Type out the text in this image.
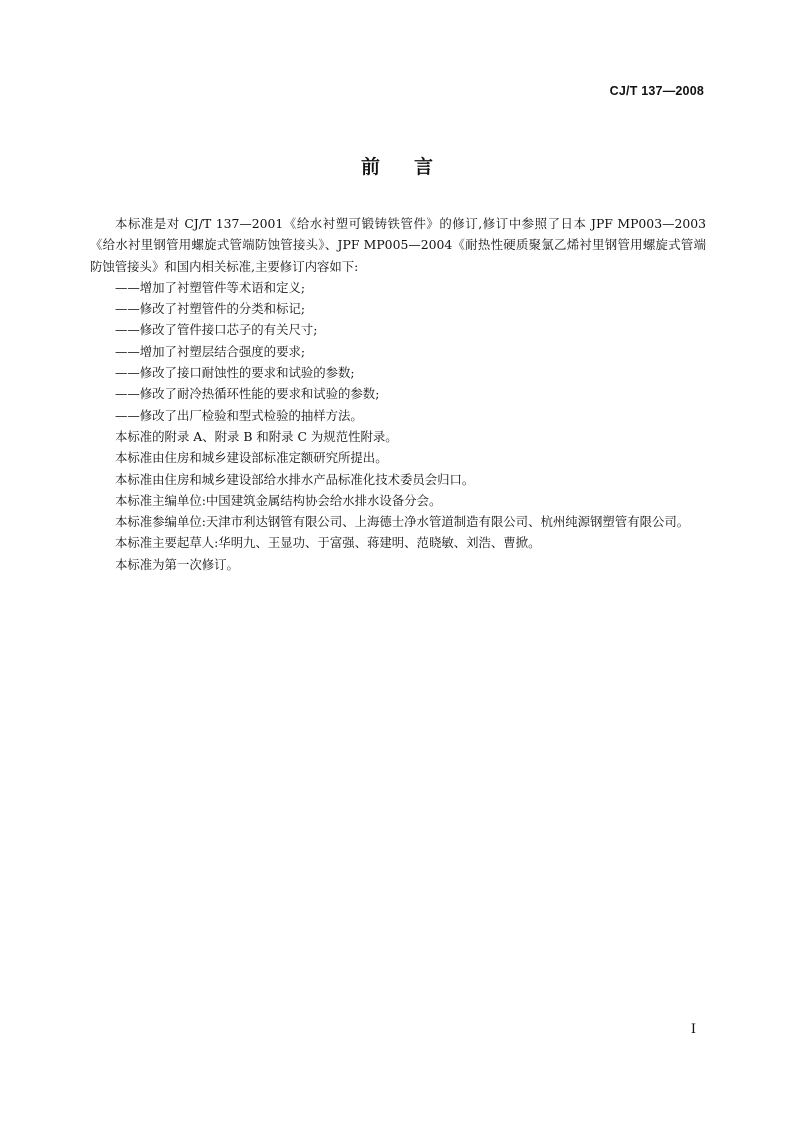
CJ/T 137—2008
前言

本标准是对 CJ/T 137—2001《给水衬塑可锻铸铁管件》的修订,修订中参照了日本 JPF MP003—2003《给水衬里钢管用螺旋式管端防蚀管接头》、JPF MP005—2004《耐热性硬质聚氯乙烯衬里钢管用螺旋式管端防蚀管接头》和国内相关标准,主要修订内容如下:

——增加了衬塑管件等术语和定义;

——修改了衬塑管件的分类和标记;

——修改了管件接口芯子的有关尺寸;

——增加了衬塑层结合强度的要求;

——修改了接口耐蚀性的要求和试验的参数;

——修改了耐冷热循环性能的要求和试验的参数;

——修改了出厂检验和型式检验的抽样方法。

本标准的附录 A、附录 B 和附录 C 为规范性附录。

本标准由住房和城乡建设部标准定额研究所提出。

本标准由住房和城乡建设部给水排水产品标准化技术委员会归口。

本标准主编单位:中国建筑金属结构协会给水排水设备分会。

本标准参编单位:天津市利达钢管有限公司、上海德士净水管道制造有限公司、杭州纯源钢塑管有限公司。

本标准主要起草人:华明九、王显功、于富强、蒋建明、范晓敏、刘浩、曹掀。

本标准为第一次修订。

I
